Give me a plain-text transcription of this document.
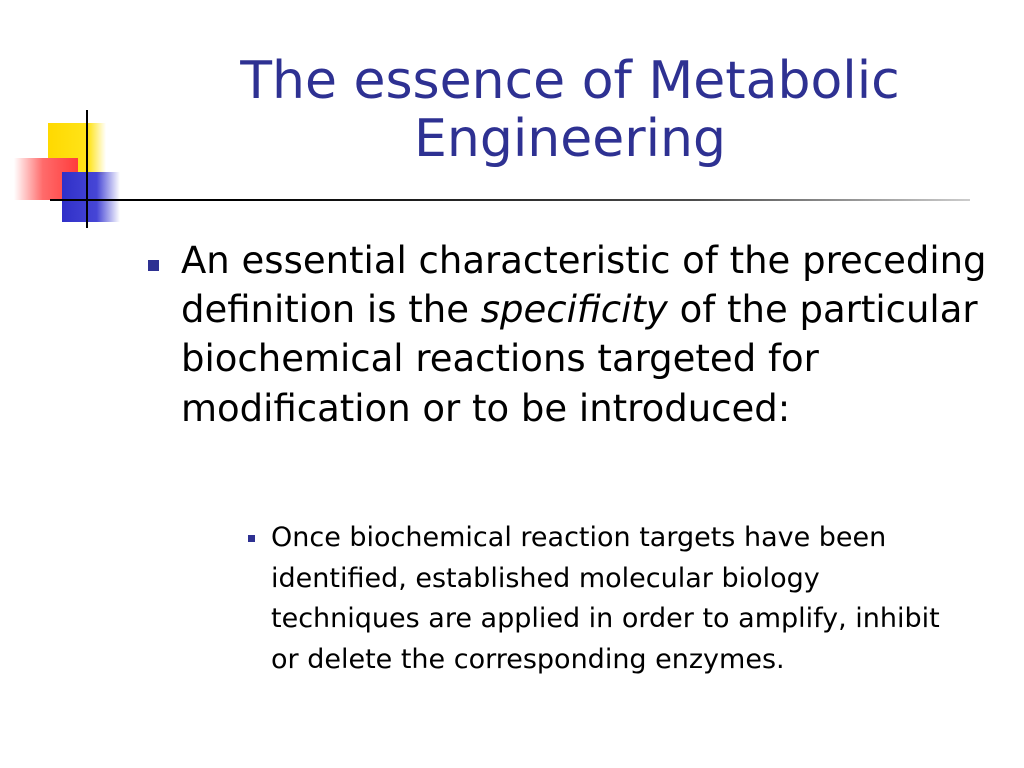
The essence of Metabolic
Engineering
An essential characteristic of the preceding definition is the specificity of the particular biochemical reactions targeted for modification or to be introduced:
Once biochemical reaction targets have been identified, established molecular biology techniques are applied in order to amplify, inhibit or delete the corresponding enzymes.
